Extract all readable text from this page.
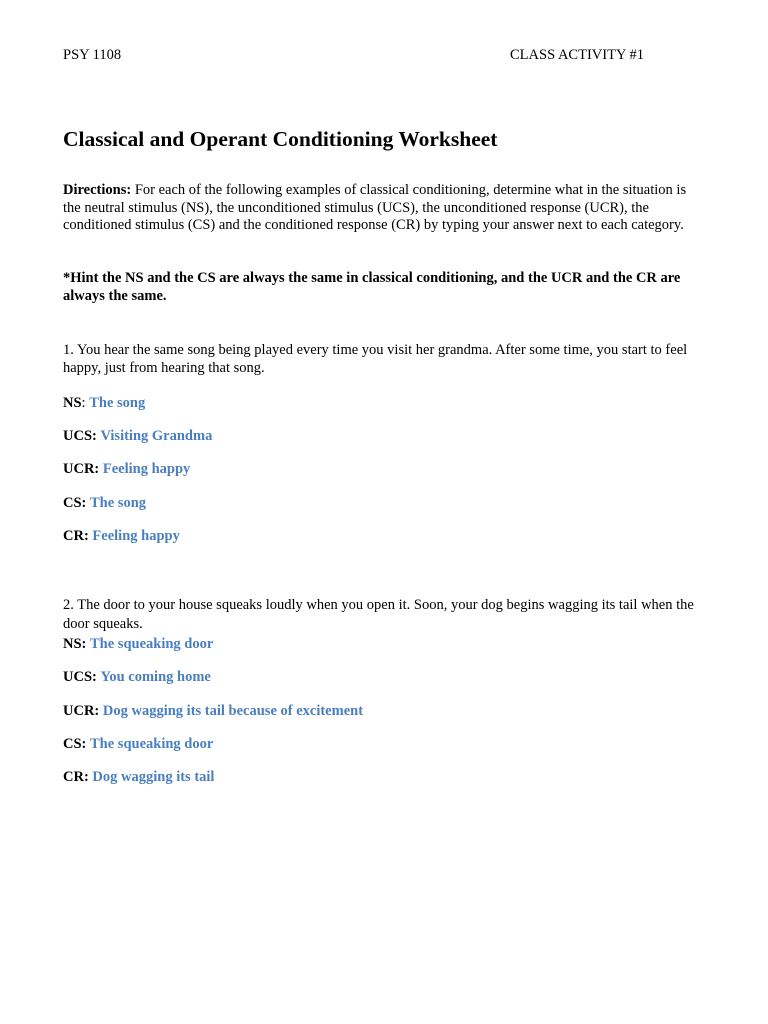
PSY 1108	CLASS ACTIVITY #1
Classical and Operant Conditioning Worksheet

Directions: For each of the following examples of classical conditioning, determine what in the situation is the neutral stimulus (NS), the unconditioned stimulus (UCS), the unconditioned response (UCR), the conditioned stimulus (CS) and the conditioned response (CR) by typing your answer next to each category.

*Hint the NS and the CS are always the same in classical conditioning, and the UCR and the CR are always the same.

1. You hear the same song being played every time you visit her grandma. After some time, you start to feel happy, just from hearing that song.

NS: The song
UCS: Visiting Grandma
UCR: Feeling happy
CS: The song
CR: Feeling happy

2. The door to your house squeaks loudly when you open it. Soon, your dog begins wagging its tail when the door squeaks.

NS: The squeaking door
UCS: You coming home
UCR: Dog wagging its tail because of excitement
CS: The squeaking door
CR: Dog wagging its tail
